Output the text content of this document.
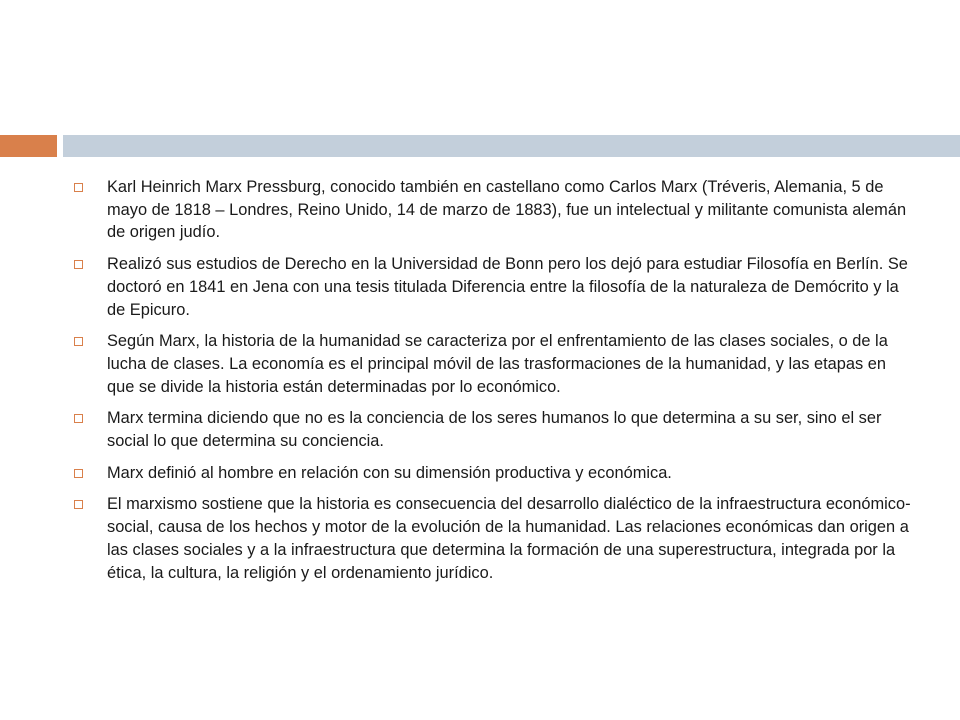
Karl Heinrich Marx Pressburg, conocido también en castellano como Carlos Marx (Tréveris, Alemania, 5 de mayo de 1818 – Londres, Reino Unido, 14 de marzo de 1883), fue un intelectual y militante comunista alemán de origen judío.
Realizó sus estudios de Derecho en la Universidad de Bonn pero los dejó para estudiar Filosofía en Berlín. Se doctoró en 1841 en Jena con una tesis titulada Diferencia entre la filosofía de la naturaleza de Demócrito y la de Epicuro.
Según Marx, la historia de la humanidad se caracteriza por el enfrentamiento de las clases sociales, o de la lucha de clases. La economía es el principal móvil de las trasformaciones de la humanidad, y las etapas en que se divide la historia están determinadas por lo económico.
Marx termina diciendo que no es la conciencia de los seres humanos lo que determina a su ser, sino el ser social lo que determina su conciencia.
Marx definió al hombre en relación con su dimensión productiva y económica.
El marxismo sostiene que la historia es consecuencia del desarrollo dialéctico de la infraestructura económico-social, causa de los hechos y motor de la evolución de la humanidad. Las relaciones económicas dan origen a las clases sociales y a la infraestructura que determina la formación de una superestructura, integrada por la ética, la cultura, la religión y el ordenamiento jurídico.
